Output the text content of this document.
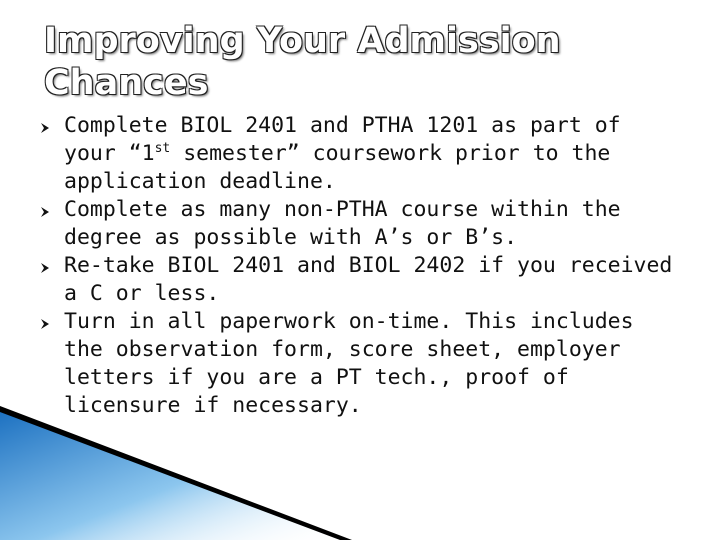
Improving Your Admission
Chances
Complete BIOL 2401 and PTHA 1201 as part of your “1st semester” coursework prior to the application deadline.
Complete as many non-PTHA course within the degree as possible with A’s or B’s.
Re-take BIOL 2401 and BIOL 2402 if you received a C or less.
Turn in all paperwork on-time. This includes the observation form, score sheet, employer letters if you are a PT tech., proof of licensure if necessary.
